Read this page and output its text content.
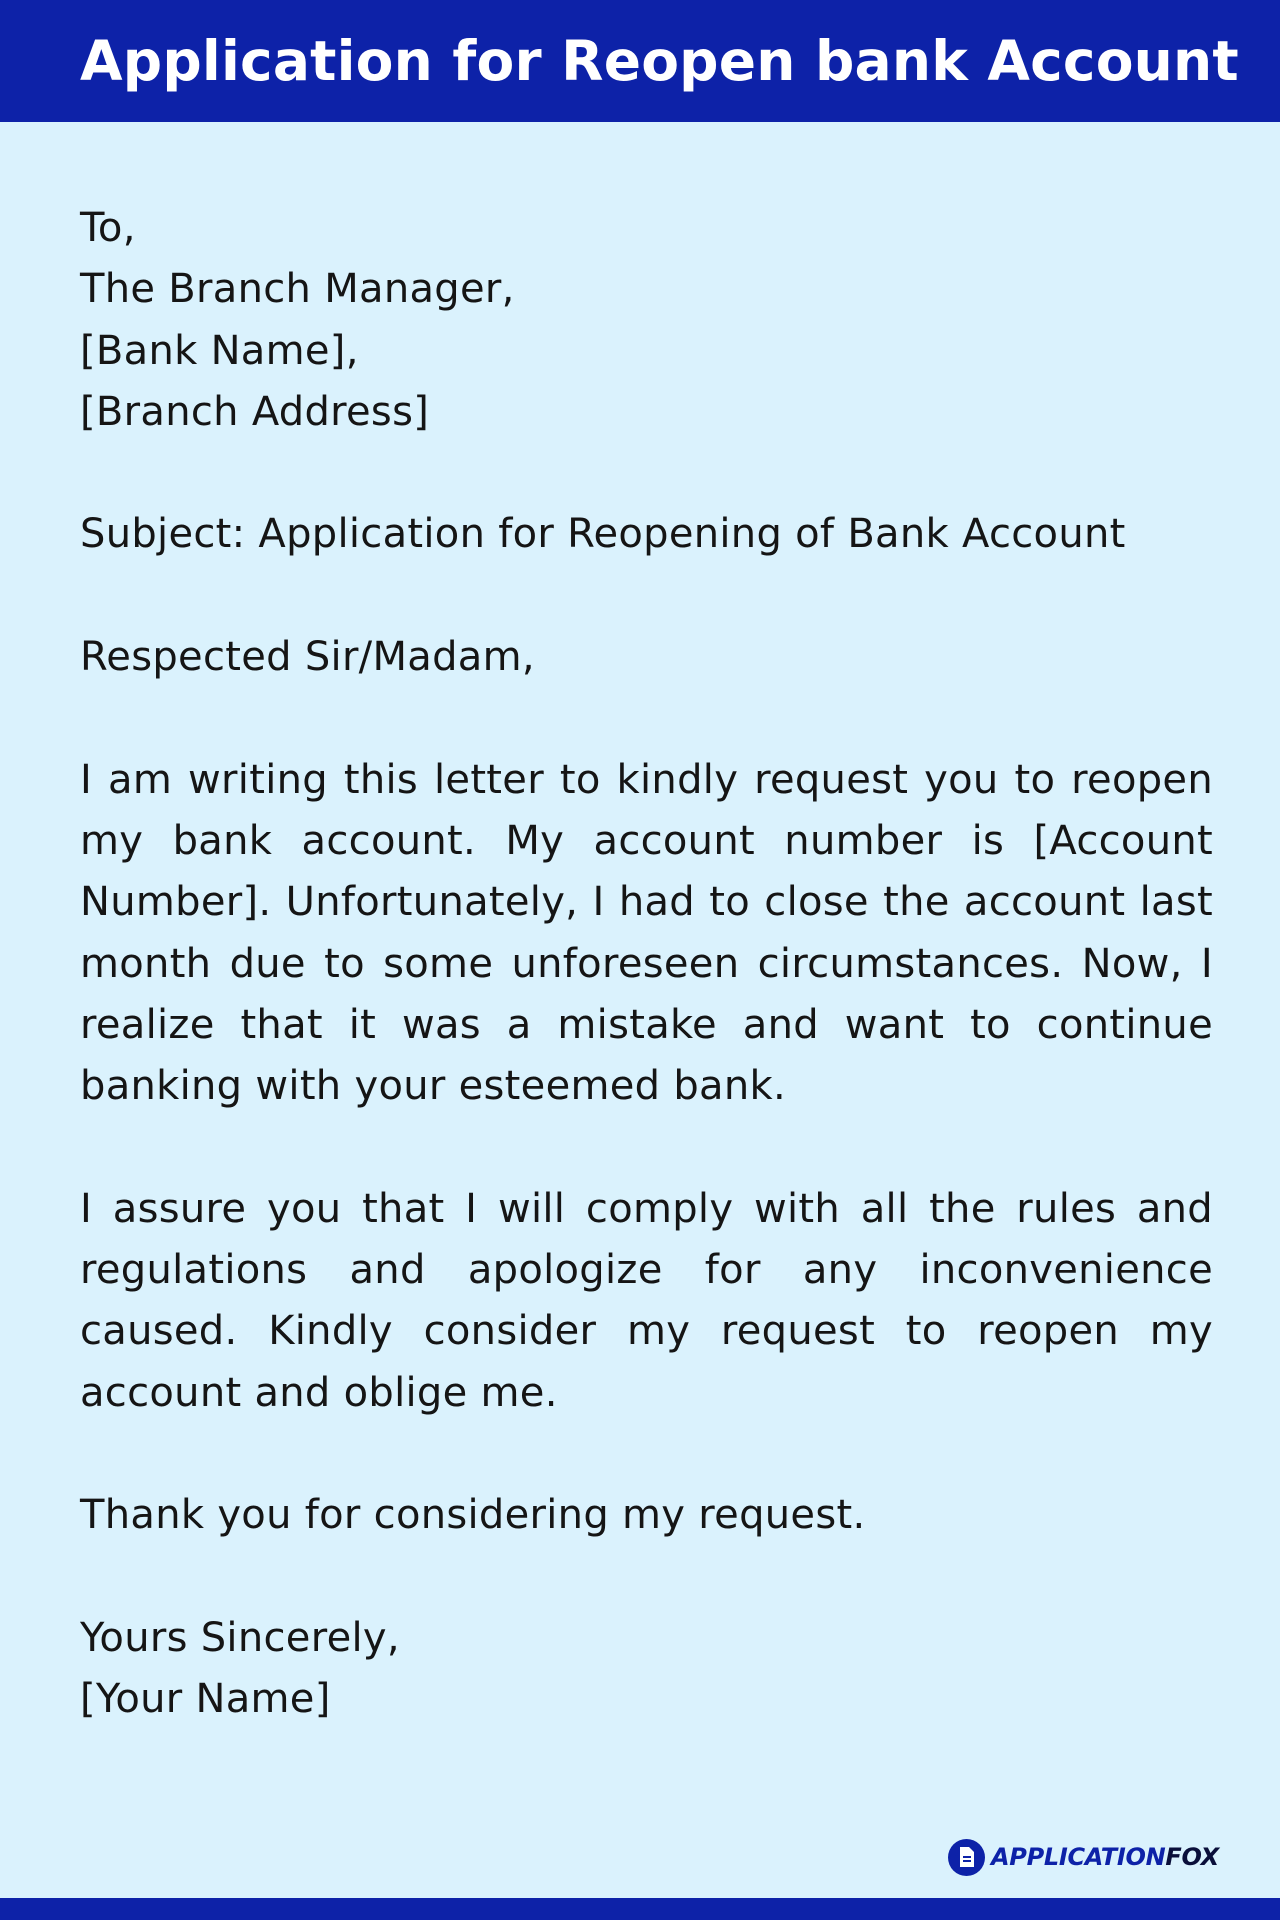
Application for Reopen bank Account
To,
The Branch Manager,
[Bank Name],
[Branch Address]
Subject: Application for Reopening of Bank Account
Respected Sir/Madam,

I am writing this letter to kindly request you to reopen my bank account. My account number is [Account Number]. Unfortunately, I had to close the account last month due to some unforeseen circumstances. Now, I realize that it was a mistake and want to continue banking with your esteemed bank.

I assure you that I will comply with all the rules and regulations and apologize for any inconvenience caused. Kindly consider my request to reopen my account and oblige me.

Thank you for considering my request.
Yours Sincerely,
[Your Name]
APPLICATIONFOX
